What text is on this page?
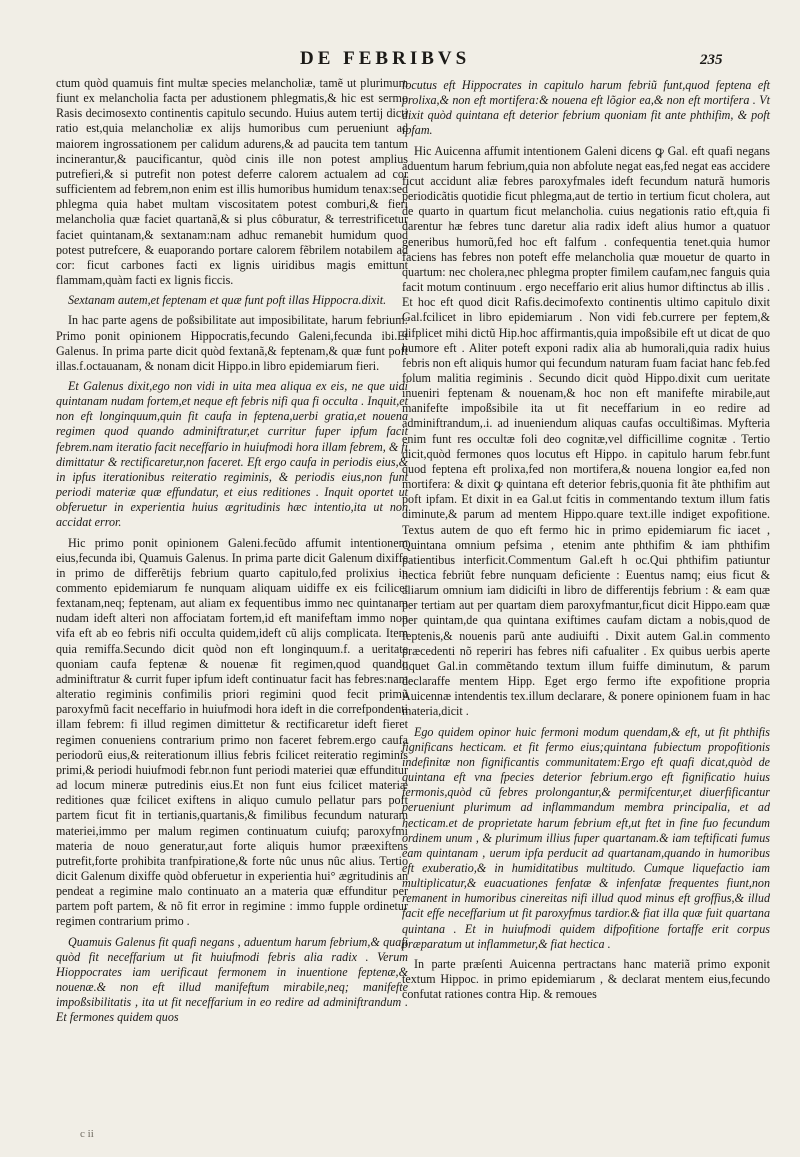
DE FEBRIBVS	235

ctum quòd quamuis fint multæ species melancholiæ, tamẽ ut plurimum fiunt ex melancholia facta per adustionem phlegmatis,& hic est sermo Rasis decimosexto continentis capitulo secundo. Huius autem tertij dicti ratio est,quia melancholiæ ex alijs humoribus cum perueniunt ad maiorem ingrossationem per calidum adurens,& ad paucita tem tantum incinerantur,& paucificantur, quòd cinis ille non potest amplius putrefieri,& si putrefit non potest deferre calorem actualem ad cor sufficientem ad febrem,non enim est illis humoribus humidum tenax:sed phlegma quia habet multam viscositatem potest comburi,& fieri melancholia quæ faciet quartanã,& si plus côburatur, & terrestrificetur faciet quintanam,& sextanam:nam adhuc remanebit humidum quod potest putrefcere, & euaporando portare calorem fẽbrilem notabilem ad cor: ficut carbones facti ex lignis uiridibus magis emittunt flammam,quàm facti ex lignis ficcis.

Sextanam autem,et feptenam et quæ funt poft illas Hippocra.dixit.

In hac parte agens de poßsibilitate aut imposibilitate, harum febrium: Primo ponit opinionem Hippocratis,fecundo Galeni,fecunda ibi.Et Galenus. In prima parte dicit quòd fextanã,& feptenam,& quæ funt poft illas.f.octauanam, & nonam dicit Hippo.in libro epidemiarum fieri.

Et Galenus dixit,ego non vidi in uita mea aliqua ex eis, ne que uidi quintanam nudam fortem,et neque eft febris nifi qua fi occulta . Inquit,et non eft longinquum,quin fit caufa in feptena,uerbi gratia,et nouena regimen quod quando adminiftratur,et curritur fuper ipfum facit febrem.nam iteratio facit neceffario in huiufmodi hora illam febrem, & fi dimittatur & rectificaretur,non faceret. Eft ergo caufa in periodis eius,& in ipfus iterationibus reiteratio regiminis, & periodis eius,non funt periodi materiæ quæ effundatur, et eius reditiones . Inquit oportet ut obferuetur in experientia huius ægritudinis hæc intentio,ita ut non accidat error.

Hic primo ponit opinionem Galeni.fecũdo affumit intentionem eius,fecunda ibi, Quamuis Galenus. In prima parte dicit Galenum dixiffe in primo de differẽtijs febrium quarto capitulo,fed prolixius in commento epidemiarum fe nunquam aliquam uidiffe ex eis fcilicet fextanam,neq; feptenam, aut aliam ex fequentibus immo nec quintanam nudam ideft alteri non affociatam fortem,id eft manifeftam immo non vifa eft ab eo febris nifi occulta quidem,ideft cũ alijs complicata. Item quia remiffa.Secundo dicit quòd non eft longinquum.f. a ueritate quoniam caufa feptenæ & nouenæ fit regimen,quod quando adminiftratur & currit fuper ipfum ideft continuatur facit has febres:nam alteratio regiminis confimilis priori regimini quod fecit primũ paroxyfmũ facit neceffario in huiufmodi hora ideft in die correfpondenti illam febrem: fi illud regimen dimittetur & rectificaretur ideft fieret regimen conueniens contrarium primo non faceret febrem.ergo caufa periodorũ eius,& reiterationum illius febris fcilicet reiteratio regiminis primi,& periodi huiufmodi febr.non funt periodi materiei quæ effunditur ad locum mineræ putredinis eius.Et non funt eius fcilicet materiæ reditiones quæ fcilicet exiftens in aliquo cumulo pellatur pars poft partem ficut fit in tertianis,quartanis,& fimilibus fecundum naturam materiei,immo per malum regimen continuatum cuiufq; paroxyfmi materia de nouo generatur,aut forte aliquis humor præexiftens putrefit,forte prohibita tranfpiratione,& forte nûc unus nûc alius. Tertio dicit Galenum dixiffe quòd obferuetur in experientia hui° ægritudinis an pendeat a regimine malo continuato an a materia quæ effunditur per partem poft partem, & nõ fit error in regimine : immo fupple ordinetur regimen contrarium primo .

Quamuis Galenus fit quafi negans , aduentum harum febrium,& quafi quòd fit neceffarium ut fit huiufmodi febris alia radix . Verum Hioppocrates iam uerificaut fermonem in inuentione feptenæ,& nouenæ.& non eft illud manifeftum mirabile,neq; manifefte impoßsibilitatis , ita ut fit neceffarium in eo redire ad adminiftrandum . Et fermones quidem quos

locutus eft Hippocrates in capitulo harum febriũ funt,quod feptena eft prolixa,& non eft mortifera:& nouena eft lõgior ea,& non eft mortifera . Vt dixit quòd quintana eft deterior febrium quoniam fit ante phthifim, & poft ipfam.

Hic Auicenna affumit intentionem Galeni dicens ꝙ Gal. eft quafi negans aduentum harum febrium,quia non abfolute negat eas,fed negat eas accidere ficut accidunt aliæ febres paroxyfmales ideft fecundum naturã humoris periodicãtis quotidie ficut phlegma,aut de tertio in tertium ficut cholera, aut de quarto in quartum ficut melancholia. cuius negationis ratio eft,quia fi darentur hæ febres tunc daretur alia radix ideft alius humor a quatuor generibus humorũ,fed hoc eft falfum . confequentia tenet.quia humor faciens has febres non poteft effe melancholia quæ mouetur de quarto in quartum: nec cholera,nec phlegma propter fimilem caufam,nec fanguis quia facit motum continuum . ergo neceffario erit alius humor diftinctus ab illis . Et hoc eft quod dicit Rafis.decimofexto continentis ultimo capitulo dixit Gal.fcilicet in libro epidemiarum . Non vidi feb.currere per feptem,& difplicet mihi dictũ Hip.hoc affirmantis,quia impoßsibile eft ut dicat de quo humore eft . Aliter poteft exponi radix alia ab humorali,quia radix huius febris non eft aliquis humor qui fecundum naturam fuam faciat hanc feb.fed folum malitia regiminis . Secundo dicit quòd Hippo.dixit cum ueritate inueniri feptenam & nouenam,& hoc non eft manifefte mirabile,aut manifefte impoßsibile ita ut fit neceffarium in eo redire ad adminiftrandum,.i. ad inueniendum aliquas caufas occultißimas. Myfteria enim funt res occultæ foli deo cognitæ,vel difficillime cognitæ . Tertio dicit,quòd fermones quos locutus eft Hippo. in capitulo harum febr.funt quod feptena eft prolixa,fed non mortifera,& nouena longior ea,fed non mortifera: & dixit ꝙ quintana eft deterior febris,quonia fit ãte phthifim aut poft ipfam. Et dixit in ea Gal.ut fcitis in commentando textum illum fatis diminute,& parum ad mentem Hippo.quare text.ille indiget expofitione. Textus autem de quo eft fermo hic in primo epidemiarum fic iacet , Quintana omnium pefsima , etenim ante phthifim & iam phthifim patientibus interficit.Commentum Gal.eft h oc.Qui phthifim patiuntur hectica febriũt febre nunquam deficiente : Euentus namq; eius ficut & aliarum omnium iam didiciſti in libro de differentijs febrium : & eam quæ per tertiam aut per quartam diem paroxyfmantur,ficut dicit Hippo.eam quæ per quintam,de qua quintana exiftimes caufam dictam a nobis,quod de feptenis,& nouenis parũ ante audiuifti . Dixit autem Gal.in commento præcedenti nõ reperiri has febres nifi cafualiter . Ex quibus uerbis aperte liquet Gal.in commẽtando textum illum fuiffe diminutum, & parum declaraffe mentem Hipp. Eget ergo fermo ifte expofitione propria Auicennæ intendentis tex.illum declarare, & ponere opinionem fuam in hac materia,dicit .

Ego quidem opinor huic fermoni modum quendam,& eft, ut fit phthifis fignificans hecticam. et fit fermo eius;quintana fubiectum propofitionis indefinitæ non fignificantis communitatem:Ergo eft quafi dicat,quòd de quintana eft vna fpecies deterior febrium.ergo eft fignificatio huius fermonis,quòd cũ febres prolongantur,& permifcentur,et diuerfificantur perueniunt plurimum ad inflammandum membra principalia, et ad hecticam.et de proprietate harum febrium eft,ut ftet in fine fuo fecundum ordinem unum , & plurimum illius fuper quartanam.& iam teftificati fumus eam quintanam , uerum ipfa perducit ad quartanam,quando in humoribus eft exuberatio,& in humiditatibus multitudo. Cumque liquefactio iam multiplicatur,& euacuationes fenfatæ & infenfatæ frequentes fiunt,non remanent in humoribus cinereitas nifi illud quod minus eft groffius,& illud facit effe neceffarium ut fit paroxyfmus tardior.& fiat illa quæ fuit quartana quintana . Et in huiufmodi quidem difpofitione fortaffe erit corpus præparatum ut inflammetur,& fiat hectica .

In parte præſenti Auicenna pertractans hanc materiã primo exponit textum Hippoc. in primo epidemiarum , & declarat mentem eius,fecundo confutat rationes contra Hip. & remoues

c ii
